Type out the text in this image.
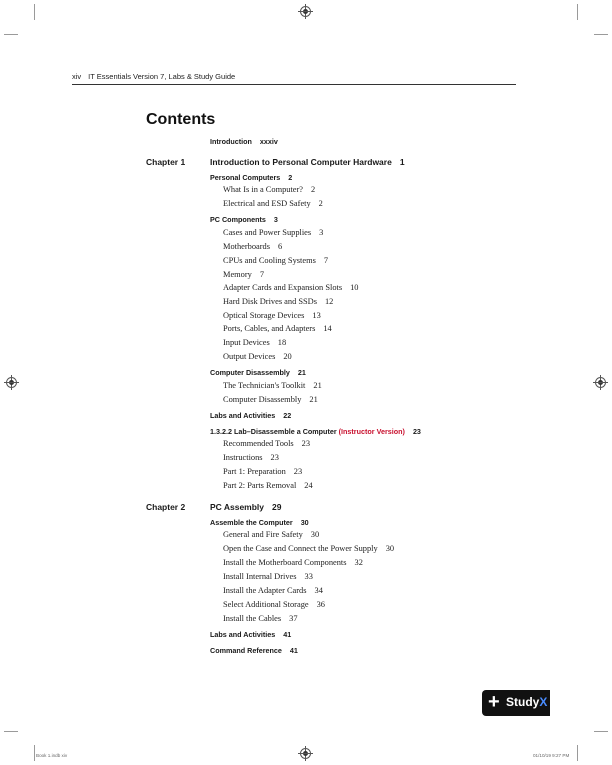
xiv IT Essentials Version 7, Labs & Study Guide
Contents
Introduction xxxiv
Chapter 1	Introduction to Personal Computer Hardware 1
Personal Computers 2
What Is in a Computer? 2
Electrical and ESD Safety 2
PC Components 3
Cases and Power Supplies 3
Motherboards 6
CPUs and Cooling Systems 7
Memory 7
Adapter Cards and Expansion Slots 10
Hard Disk Drives and SSDs 12
Optical Storage Devices 13
Ports, Cables, and Adapters 14
Input Devices 18
Output Devices 20
Computer Disassembly 21
The Technician's Toolkit 21
Computer Disassembly 21
Labs and Activities 22
1.3.2.2 Lab–Disassemble a Computer (Instructor Version) 23
Recommended Tools 23
Instructions 23
Part 1: Preparation 23
Part 2: Parts Removal 24
Chapter 2	PC Assembly 29
Assemble the Computer 30
General and Fire Safety 30
Open the Case and Connect the Power Supply 30
Install the Motherboard Components 32
Install Internal Drives 33
Install the Adapter Cards 34
Select Additional Storage 36
Install the Cables 37
Labs and Activities 41
Command Reference 41
+ StudyX
Book 1.indb xiv	01/10/19 9:27 PM
